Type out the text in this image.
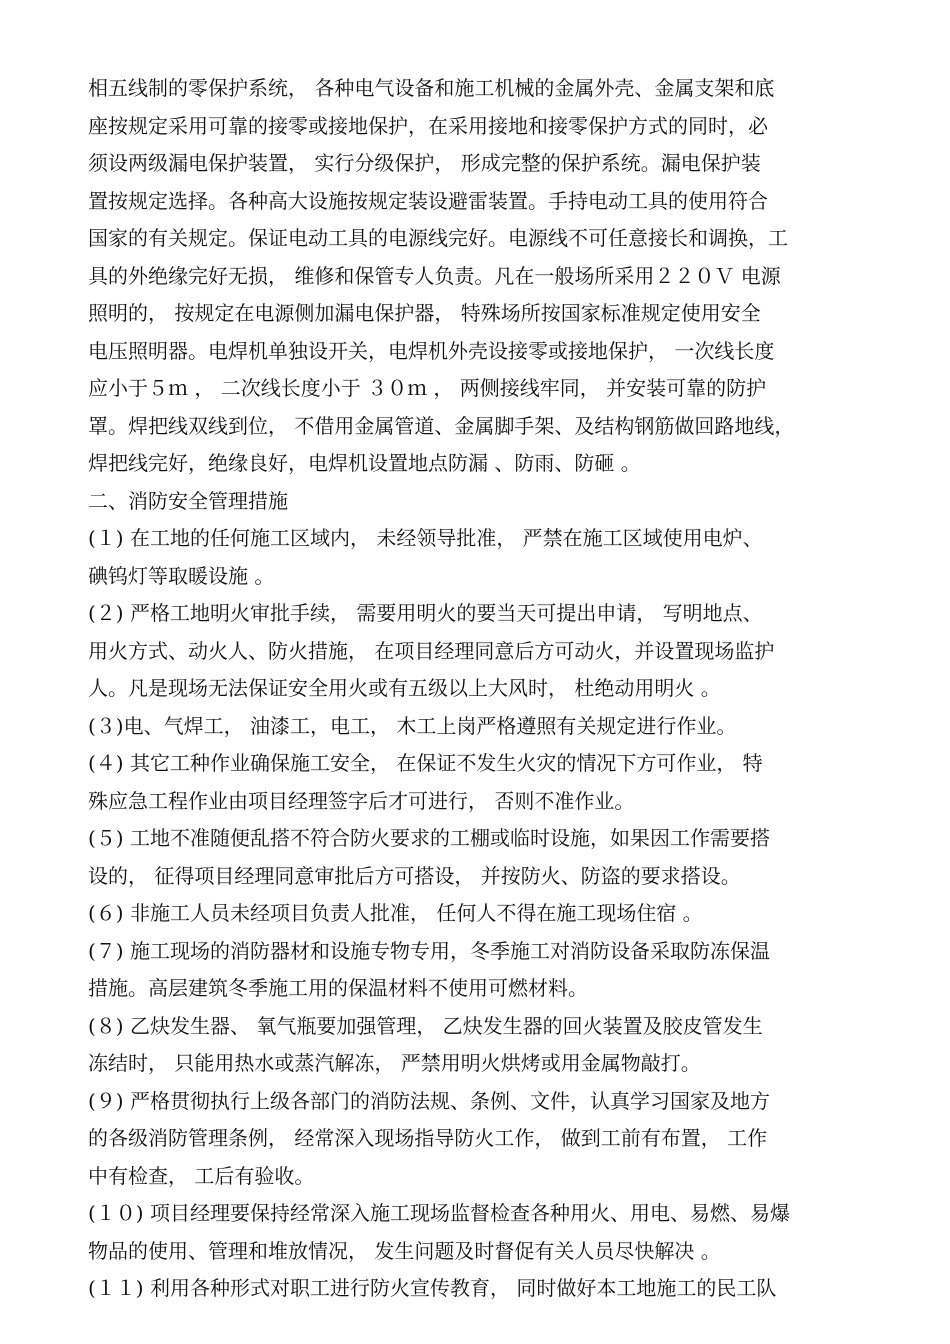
相五线制的零保护系统， 各种电气设备和施工机械的金属外壳、金属支架和底
座按规定采用可靠的接零或接地保护，在采用接地和接零保护方式的同时，必
须设两级漏电保护装置， 实行分级保护， 形成完整的保护系统。漏电保护装
置按规定选择。各种高大设施按规定装设避雷装置。手持电动工具的使用符合
国家的有关规定。保证电动工具的电源线完好。电源线不可任意接长和调换，工
具的外绝缘完好无损， 维修和保管专人负责。凡在一般场所采用２２０Ｖ 电源
照明的， 按规定在电源侧加漏电保护器， 特殊场所按国家标准规定使用安全
电压照明器。电焊机单独设开关，电焊机外壳设接零或接地保护， 一次线长度
应小于５ｍ ， 二次线长度小于 ３０ｍ ， 两侧接线牢同， 并安装可靠的防护
罩。焊把线双线到位， 不借用金属管道、金属脚手架、及结构钢筋做回路地线，
焊把线完好，绝缘良好，电焊机设置地点防漏 、防雨、防砸 。
二、消防安全管理措施
(１) 在工地的任何施工区域内， 未经领导批准， 严禁在施工区域使用电炉、
碘钨灯等取暖设施 。
(２) 严格工地明火审批手续， 需要用明火的要当天可提出申请， 写明地点、
用火方式、动火人、防火措施， 在项目经理同意后方可动火，并设置现场监护
人。凡是现场无法保证安全用火或有五级以上大风时， 杜绝动用明火 。
(３)电、气焊工， 油漆工，电工， 木工上岗严格遵照有关规定进行作业。
(４) 其它工种作业确保施工安全， 在保证不发生火灾的情况下方可作业， 特
殊应急工程作业由项目经理签字后才可进行， 否则不准作业。
(５) 工地不准随便乱搭不符合防火要求的工棚或临时设施，如果因工作需要搭
设的， 征得项目经理同意审批后方可搭设， 并按防火、防盗的要求搭设。
(６) 非施工人员未经项目负责人批准， 任何人不得在施工现场住宿 。
(７) 施工现场的消防器材和设施专物专用，冬季施工对消防设备采取防冻保温
措施。高层建筑冬季施工用的保温材料不使用可燃材料。
(８) 乙炔发生器、 氧气瓶要加强管理， 乙炔发生器的回火装置及胶皮管发生
冻结时， 只能用热水或蒸汽解冻， 严禁用明火烘烤或用金属物敲打。
(９) 严格贯彻执行上级各部门的消防法规、条例、文件，认真学习国家及地方
的各级消防管理条例， 经常深入现场指导防火工作， 做到工前有布置， 工作
中有检查， 工后有验收。
(１０) 项目经理要保持经常深入施工现场监督检查各种用火、用电、易燃、易爆
物品的使用、管理和堆放情况， 发生问题及时督促有关人员尽快解决 。
(１１) 利用各种形式对职工进行防火宣传教育， 同时做好本工地施工的民工队
